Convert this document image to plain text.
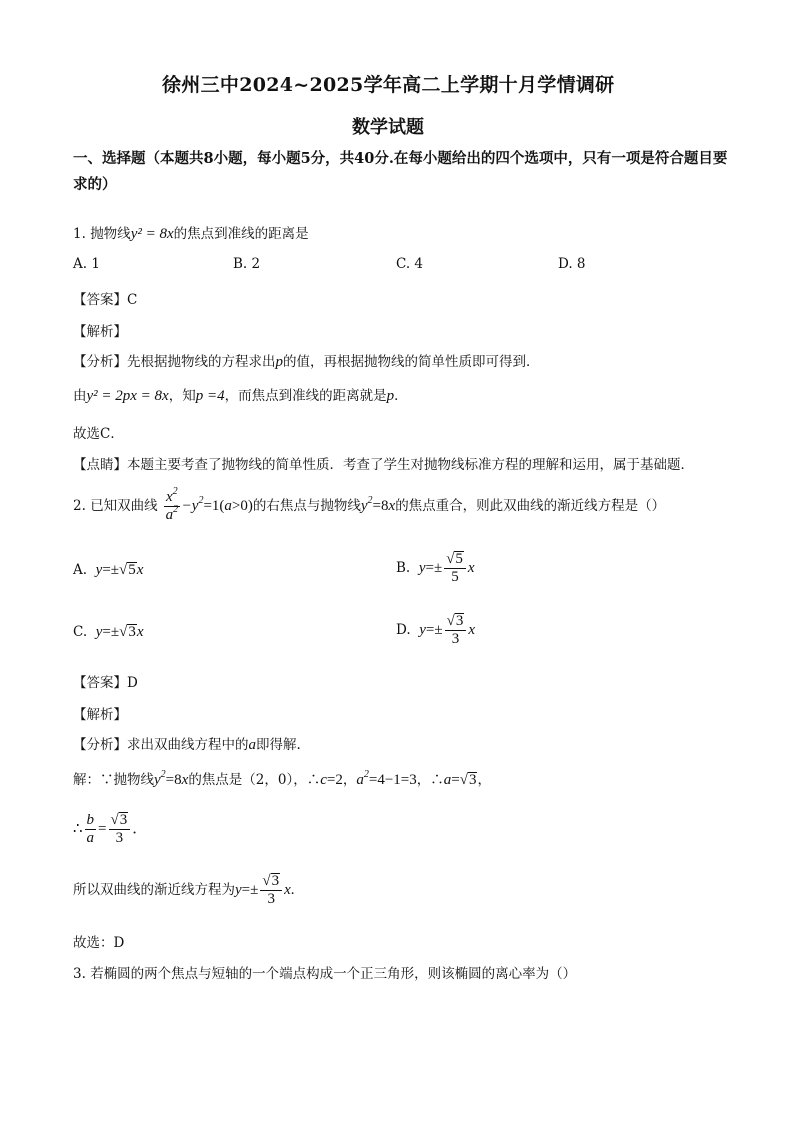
徐州三中2024~2025学年高二上学期十月学情调研
数学试题
一、选择题（本题共8小题，每小题5分，共40分.在每小题给出的四个选项中，只有一项是符合题目要求的）
1. 抛物线y² = 8x的焦点到准线的距离是
A. 1	B. 2	C. 4	D. 8
【答案】C
【解析】
【分析】先根据抛物线的方程求出p的值，再根据抛物线的简单性质即可得到．
由y² = 2px = 8x，知p =4，而焦点到准线的距离就是p．
故选C．
【点睛】本题主要考查了抛物线的简单性质．考查了学生对抛物线标准方程的理解和运用，属于基础题．
2. 已知双曲线 $\frac{x^2}{a^2} -y^2=1(a>0)$的右焦点与抛物线$y^2=8x$的焦点重合，则此双曲线的渐近线方程是（）
A. y=±√5x	B. $y=\pm \frac{√5}{5}$ x
C. y=±√3x	D. $y=\pm \frac{√3}{3}$ x
【答案】D
【解析】
【分析】求出双曲线方程中的a即得解.
解：∵抛物线$y^2=8x$的焦点是（2，0），∴c=2，$a^2=4-1=3$，∴a=√3，
∴ $\frac{b}{a} = \frac{√3}{3}$ ．
所以双曲线的渐近线方程为$y=\pm \frac{√3}{3} x$.
故选：D
3. 若椭圆的两个焦点与短轴的一个端点构成一个正三角形，则该椭圆的离心率为（）
